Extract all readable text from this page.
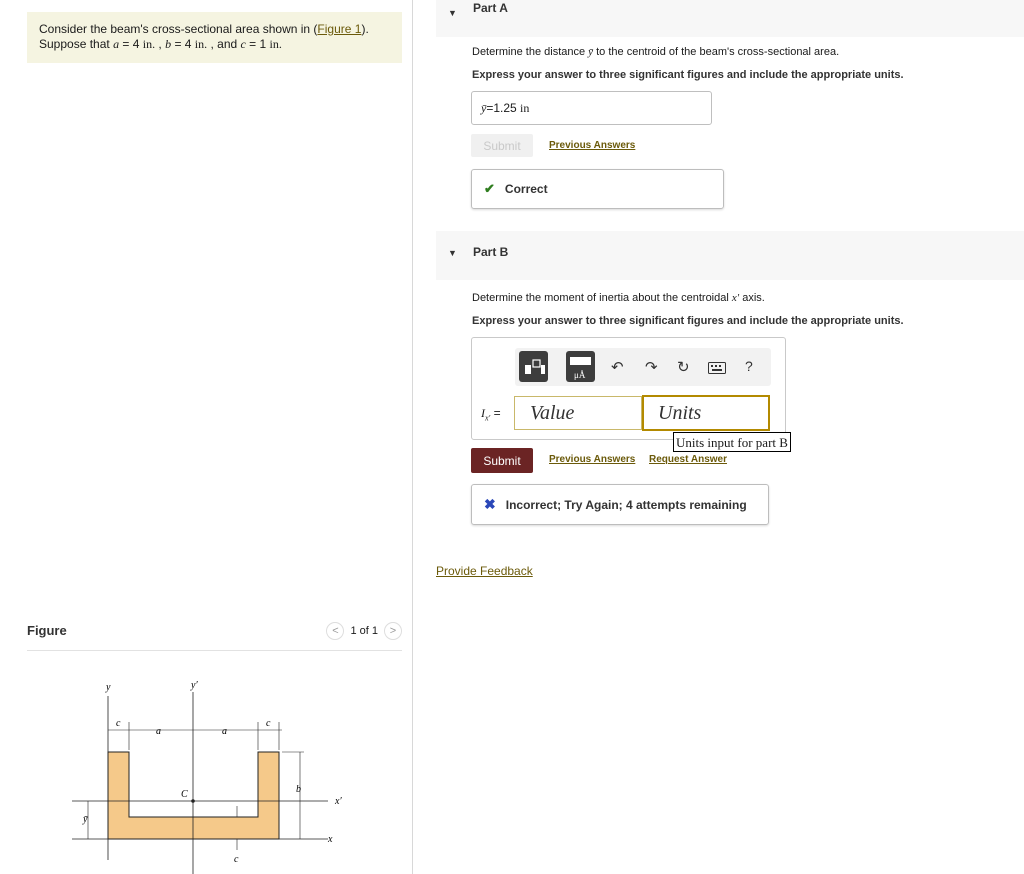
Consider the beam's cross-sectional area shown in (Figure 1).
Suppose that a = 4 in. , b = 4 in. , and c = 1 in.
Figure	<	1 of 1	>
y	y′
c
a	a
c
b
C
x′
x
ȳ
c
▼ Part A
Determine the distance ȳ to the centroid of the beam's cross-sectional area.
Express your answer to three significant figures and include the appropriate units.
ȳ = 1.25
in
Submit	Previous Answers
✔ Correct
▼ Part B
Determine the moment of inertia about the centroidal x′ axis.
Express your answer to three significant figures and include the appropriate units.
μÅ ↶ ↷ ↻	?
$I_{x'}$ =	Value	Units
Units input for part B
Submit	Previous Answers Request Answer
✖ Incorrect; Try Again; 4 attempts remaining
Provide Feedback
